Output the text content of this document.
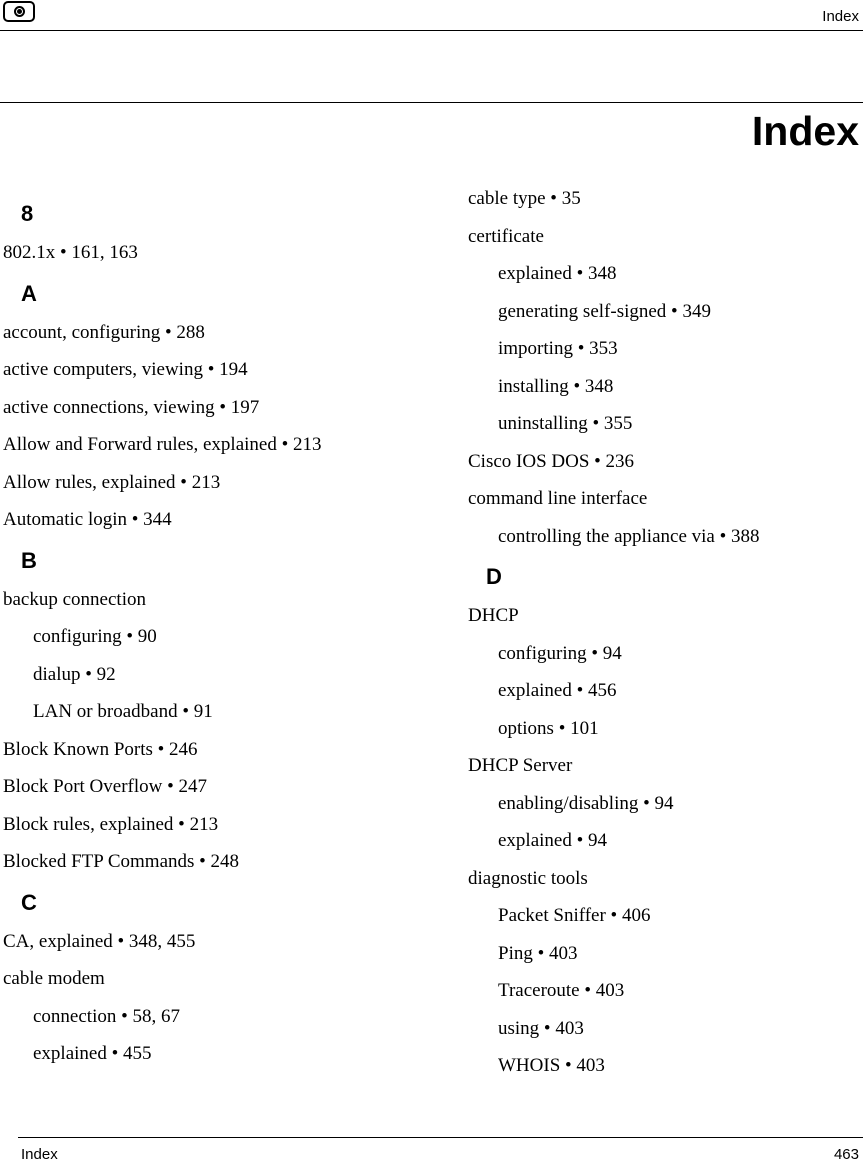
Index
Index
8
802.1x • 161, 163
A
account, configuring • 288
active computers, viewing • 194
active connections, viewing • 197
Allow and Forward rules, explained • 213
Allow rules, explained • 213
Automatic login • 344
B
backup connection
configuring • 90
dialup • 92
LAN or broadband • 91
Block Known Ports • 246
Block Port Overflow • 247
Block rules, explained • 213
Blocked FTP Commands • 248
C
CA, explained • 348, 455
cable modem
connection • 58, 67
explained • 455
cable type • 35
certificate
explained • 348
generating self-signed • 349
importing • 353
installing • 348
uninstalling • 355
Cisco IOS DOS • 236
command line interface
controlling the appliance via • 388
D
DHCP
configuring • 94
explained • 456
options • 101
DHCP Server
enabling/disabling • 94
explained • 94
diagnostic tools
Packet Sniffer • 406
Ping • 403
Traceroute • 403
using • 403
WHOIS • 403
Index	463
